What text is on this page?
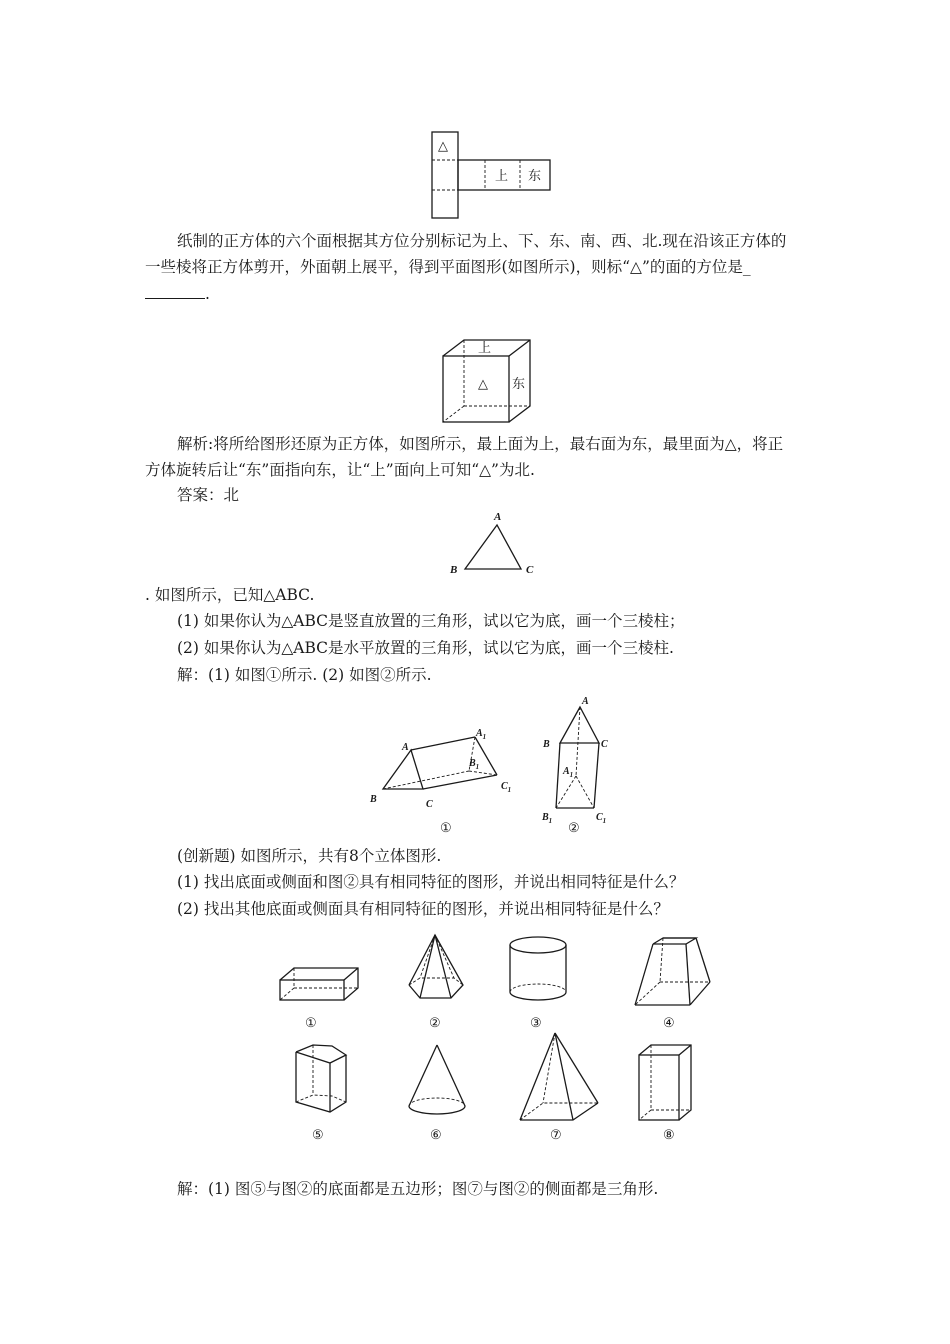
△
上 东
纸制的正方体的六个面根据其方位分别标记为上、下、东、南、西、北.现在沿该正方体的
一些棱将正方体剪开，外面朝上展平，得到平面图形(如图所示)，则标“△”的面的方位是_
.
上
△ 东
解析:将所给图形还原为正方体，如图所示，最上面为上，最右面为东，最里面为△，将正
方体旋转后让“东”面指向东，让“上”面向上可知“△”为北.
答案：北
A
B	C
. 如图所示，已知△ABC.
(1) 如果你认为△ABC是竖直放置的三角形，试以它为底，画一个三棱柱；
(2) 如果你认为△ABC是水平放置的三角形，试以它为底，画一个三棱柱.
解：(1) 如图①所示. (2) 如图②所示.
A
$A_1$
B
$B_1$
C
$C_1$
①
A
B	C
$A_1$
$B_1$	$C_1$
②
(创新题) 如图所示，共有8个立体图形.
(1) 找出底面或侧面和图②具有相同特征的图形，并说出相同特征是什么？
(2) 找出其他底面或侧面具有相同特征的图形，并说出相同特征是什么？
①	②	③	④
⑤	⑥	⑦	⑧
解：(1) 图⑤与图②的底面都是五边形；图⑦与图②的侧面都是三角形.
